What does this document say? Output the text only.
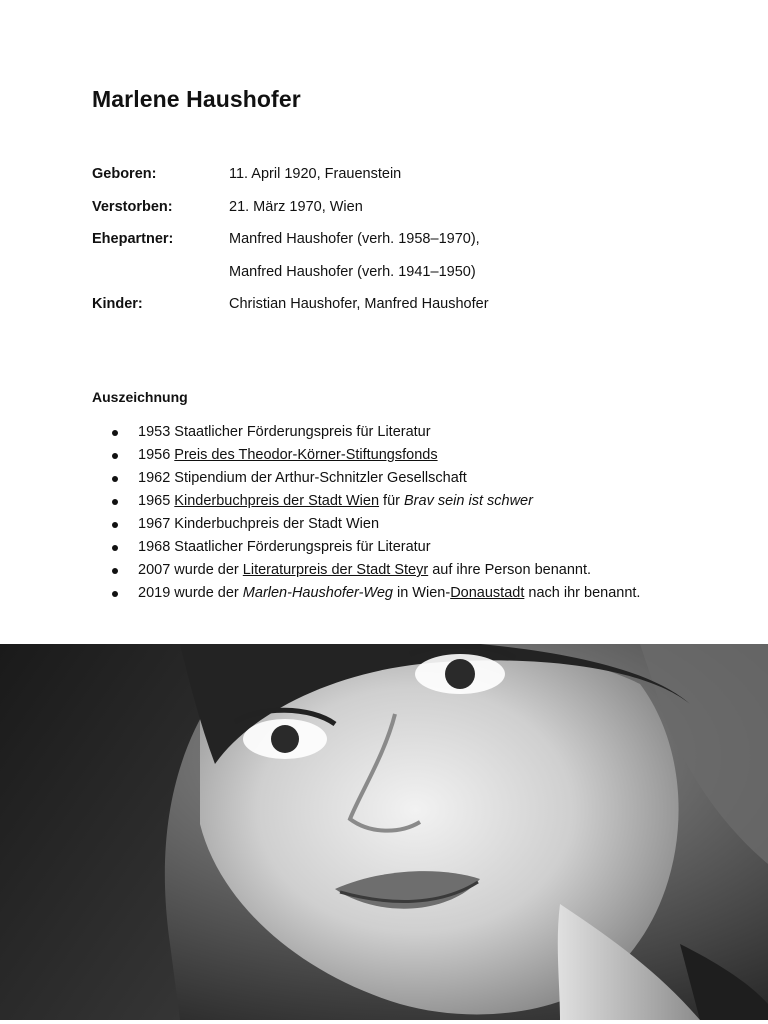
Marlene Haushofer
Geboren:	11. April 1920, Frauenstein
Verstorben:	21. März 1970, Wien
Ehepartner:	Manfred Haushofer (verh. 1958–1970),
Manfred Haushofer (verh. 1941–1950)
Kinder:	Christian Haushofer, Manfred Haushofer
Auszeichnung
1953 Staatlicher Förderungspreis für Literatur
1956 Preis des Theodor-Körner-Stiftungsfonds
1962 Stipendium der Arthur-Schnitzler Gesellschaft
1965 Kinderbuchpreis der Stadt Wien für Brav sein ist schwer
1967 Kinderbuchpreis der Stadt Wien
1968 Staatlicher Förderungspreis für Literatur
2007 wurde der Literaturpreis der Stadt Steyr auf ihre Person benannt.
2019 wurde der Marlen-Haushofer-Weg in Wien-Donaustadt nach ihr benannt.
